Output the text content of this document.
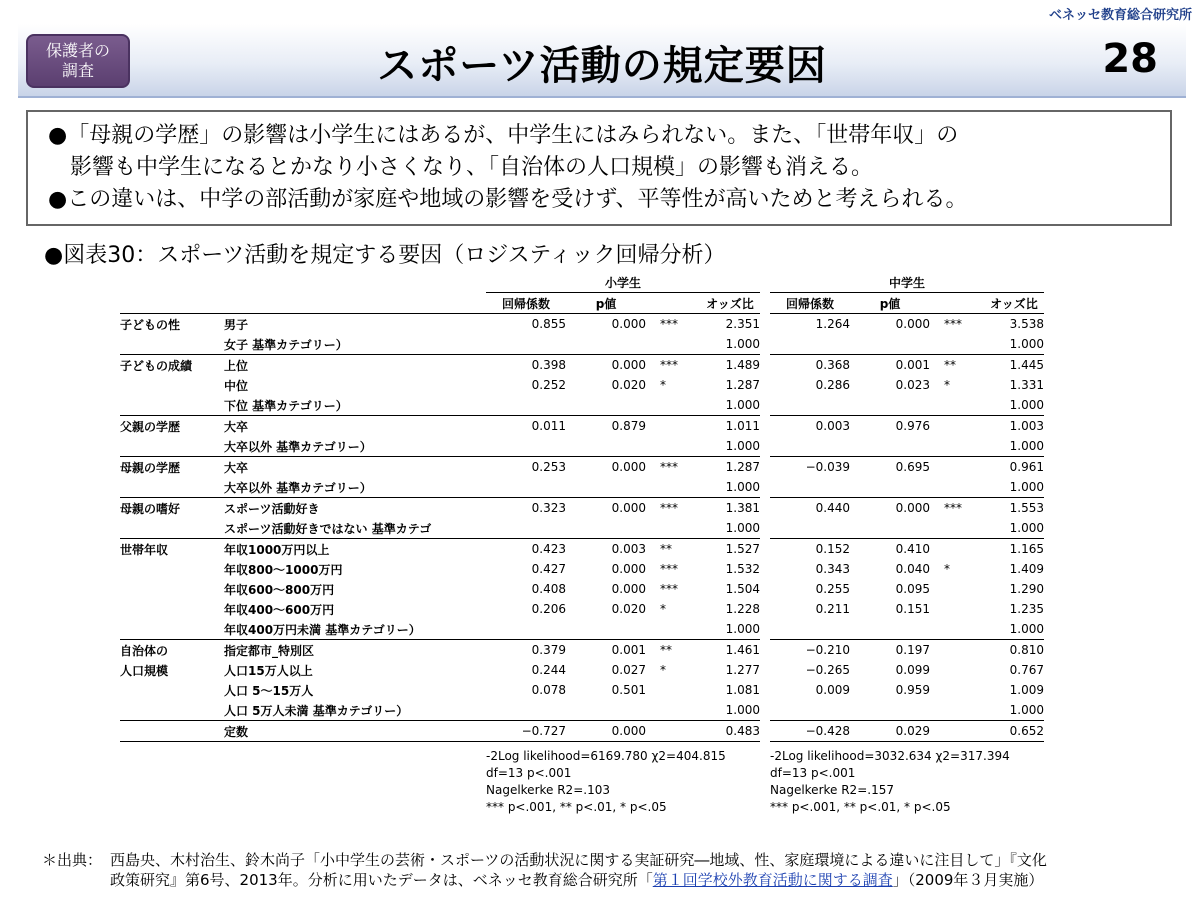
ベネッセ教育総合研究所
保護者の
調査	スポーツ活動の規定要因	28
●「母親の学歴」の影響は小学生にはあるが、中学生にはみられない。また、「世帯年収」の
影響も中学生になるとかなり小さくなり、「自治体の人口規模」の影響も消える。
●この違いは、中学の部活動が家庭や地域の影響を受けず、平等性が高いためと考えられる。
●図表30：スポーツ活動を規定する要因（ロジスティック回帰分析）
		小学生					中学生			
		回帰係数	p値		オッズ比		回帰係数	p値		オッズ比
子どもの性	男子	0.855	0.000	***	2.351		1.264	0.000	***	3.538
	女子 基準カテゴリー）				1.000					1.000
子どもの成績	上位	0.398	0.000	***	1.489		0.368	0.001	**	1.445
	中位	0.252	0.020	*	1.287		0.286	0.023	*	1.331
	下位 基準カテゴリー）				1.000					1.000
父親の学歴	大卒	0.011	0.879		1.011		0.003	0.976		1.003
	大卒以外 基準カテゴリー）				1.000					1.000
母親の学歴	大卒	0.253	0.000	***	1.287		−0.039	0.695		0.961
	大卒以外 基準カテゴリー）				1.000					1.000
母親の嗜好	スポーツ活動好き	0.323	0.000	***	1.381		0.440	0.000	***	1.553
	スポーツ活動好きではない 基準カテゴ				1.000					1.000
世帯年収	年収1000万円以上	0.423	0.003	**	1.527		0.152	0.410		1.165
	年収800～1000万円	0.427	0.000	***	1.532		0.343	0.040	*	1.409
	年収600～800万円	0.408	0.000	***	1.504		0.255	0.095		1.290
	年収400～600万円	0.206	0.020	*	1.228		0.211	0.151		1.235
	年収400万円未満 基準カテゴリー）				1.000					1.000
自治体の	指定都市_特別区	0.379	0.001	**	1.461		−0.210	0.197		0.810
人口規模	人口15万人以上	0.244	0.027	*	1.277		−0.265	0.099		0.767
	人口 5～15万人	0.078	0.501		1.081		0.009	0.959		1.009
	人口 5万人未満 基準カテゴリー）				1.000					1.000
	定数	−0.727	0.000		0.483		−0.428	0.029		0.652
		-2Log likelihood=6169.780 χ2=404.815
df=13 p<.001
Nagelkerke R2=.103
*** p<.001, ** p<.01, * p<.05					-2Log likelihood=3032.634 χ2=317.394
df=13 p<.001
Nagelkerke R2=.157
*** p<.001, ** p<.01, * p<.05			
＊出典： 西島央、木村治生、鈴木尚子「小中学生の芸術・スポーツの活動状況に関する実証研究―地域、性、家庭環境による違いに注目して」『文化
政策研究』第6号、2013年。分析に用いたデータは、ベネッセ教育総合研究所「第１回学校外教育活動に関する調査」（2009年３月実施）
